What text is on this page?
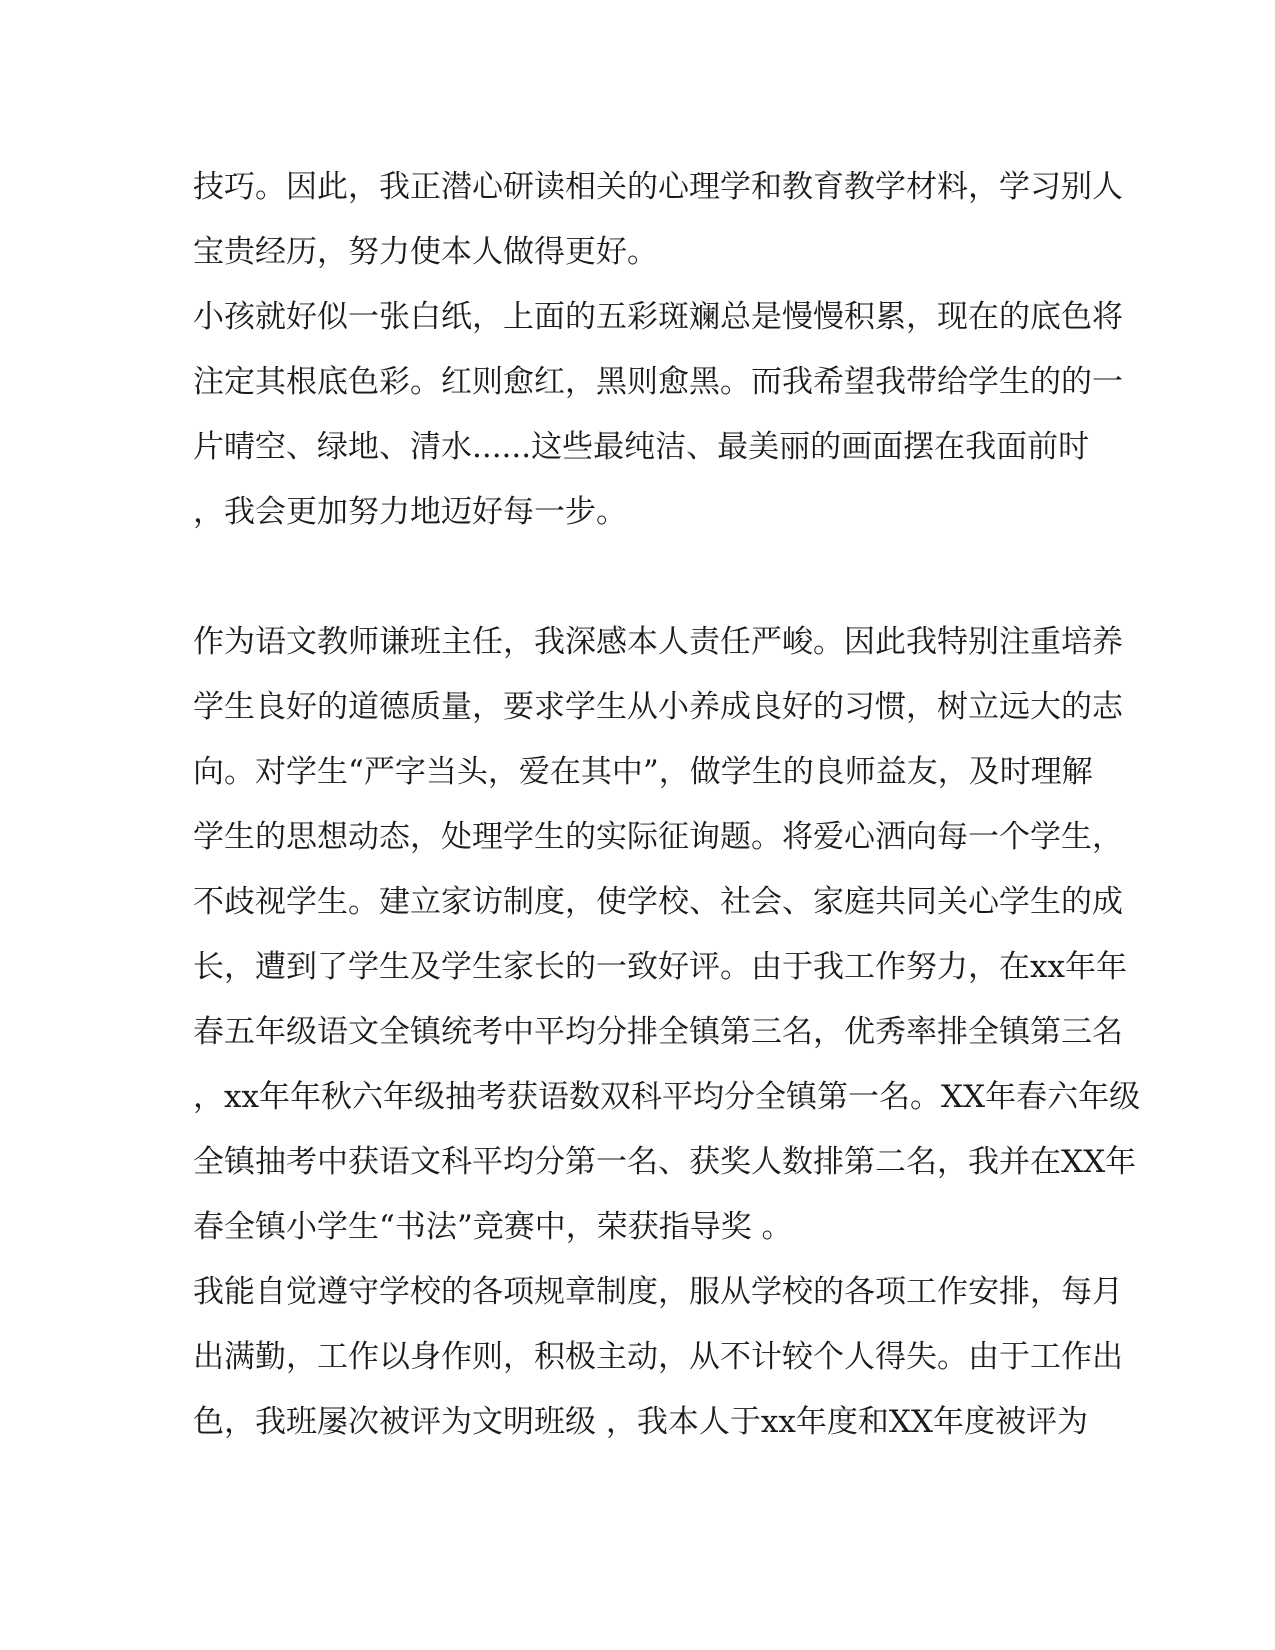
技巧。因此，我正潜心研读相关的心理学和教育教学材料，学习别人
宝贵经历，努力使本人做得更好。
小孩就好似一张白纸，上面的五彩斑斓总是慢慢积累，现在的底色将
注定其根底色彩。红则愈红，黑则愈黑。而我希望我带给学生的的一
片晴空、绿地、清水......这些最纯洁、最美丽的画面摆在我面前时
，我会更加努力地迈好每一步。
作为语文教师谦班主任，我深感本人责任严峻。因此我特别注重培养
学生良好的道德质量，要求学生从小养成良好的习惯，树立远大的志
向。对学生“严字当头，爱在其中”，做学生的良师益友，及时理解
学生的思想动态，处理学生的实际征询题。将爱心洒向每一个学生，
不歧视学生。建立家访制度，使学校、社会、家庭共同关心学生的成
长，遭到了学生及学生家长的一致好评。由于我工作努力，在xx年年
春五年级语文全镇统考中平均分排全镇第三名，优秀率排全镇第三名
，xx年年秋六年级抽考获语数双科平均分全镇第一名。XX年春六年级
全镇抽考中获语文科平均分第一名、获奖人数排第二名，我并在XX年
春全镇小学生“书法”竞赛中，荣获指导奖 。
我能自觉遵守学校的各项规章制度，服从学校的各项工作安排，每月
出满勤，工作以身作则，积极主动，从不计较个人得失。由于工作出
色，我班屡次被评为文明班级 ，我本人于xx年度和XX年度被评为
